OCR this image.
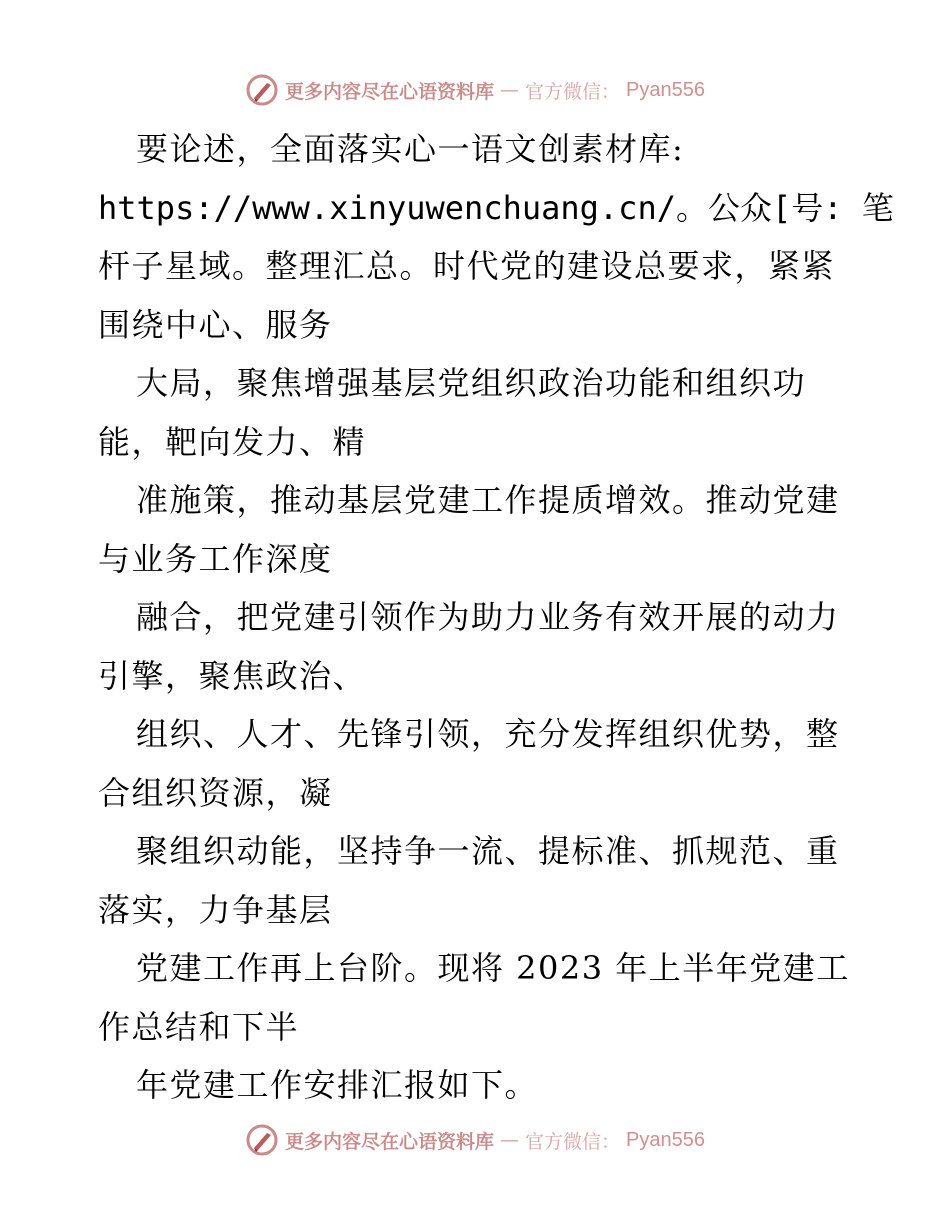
更多内容尽在心语资料库 — 官方微信： Pyan556
要论述，全面落实心一语文创素材库:
https://www.xinyuwenchuang.cn/。公众[号: 笔
杆子星域。整理汇总。时代党的建设总要求，紧紧
围绕中心、服务
大局，聚焦增强基层党组织政治功能和组织功
能，靶向发力、精
准施策，推动基层党建工作提质增效。推动党建
与业务工作深度
融合，把党建引领作为助力业务有效开展的动力
引擎，聚焦政治、
组织、人才、先锋引领，充分发挥组织优势，整
合组织资源，凝
聚组织动能，坚持争一流、提标准、抓规范、重
落实，力争基层
党建工作再上台阶。现将 2023 年上半年党建工
作总结和下半
年党建工作安排汇报如下。
更多内容尽在心语资料库 — 官方微信： Pyan556
